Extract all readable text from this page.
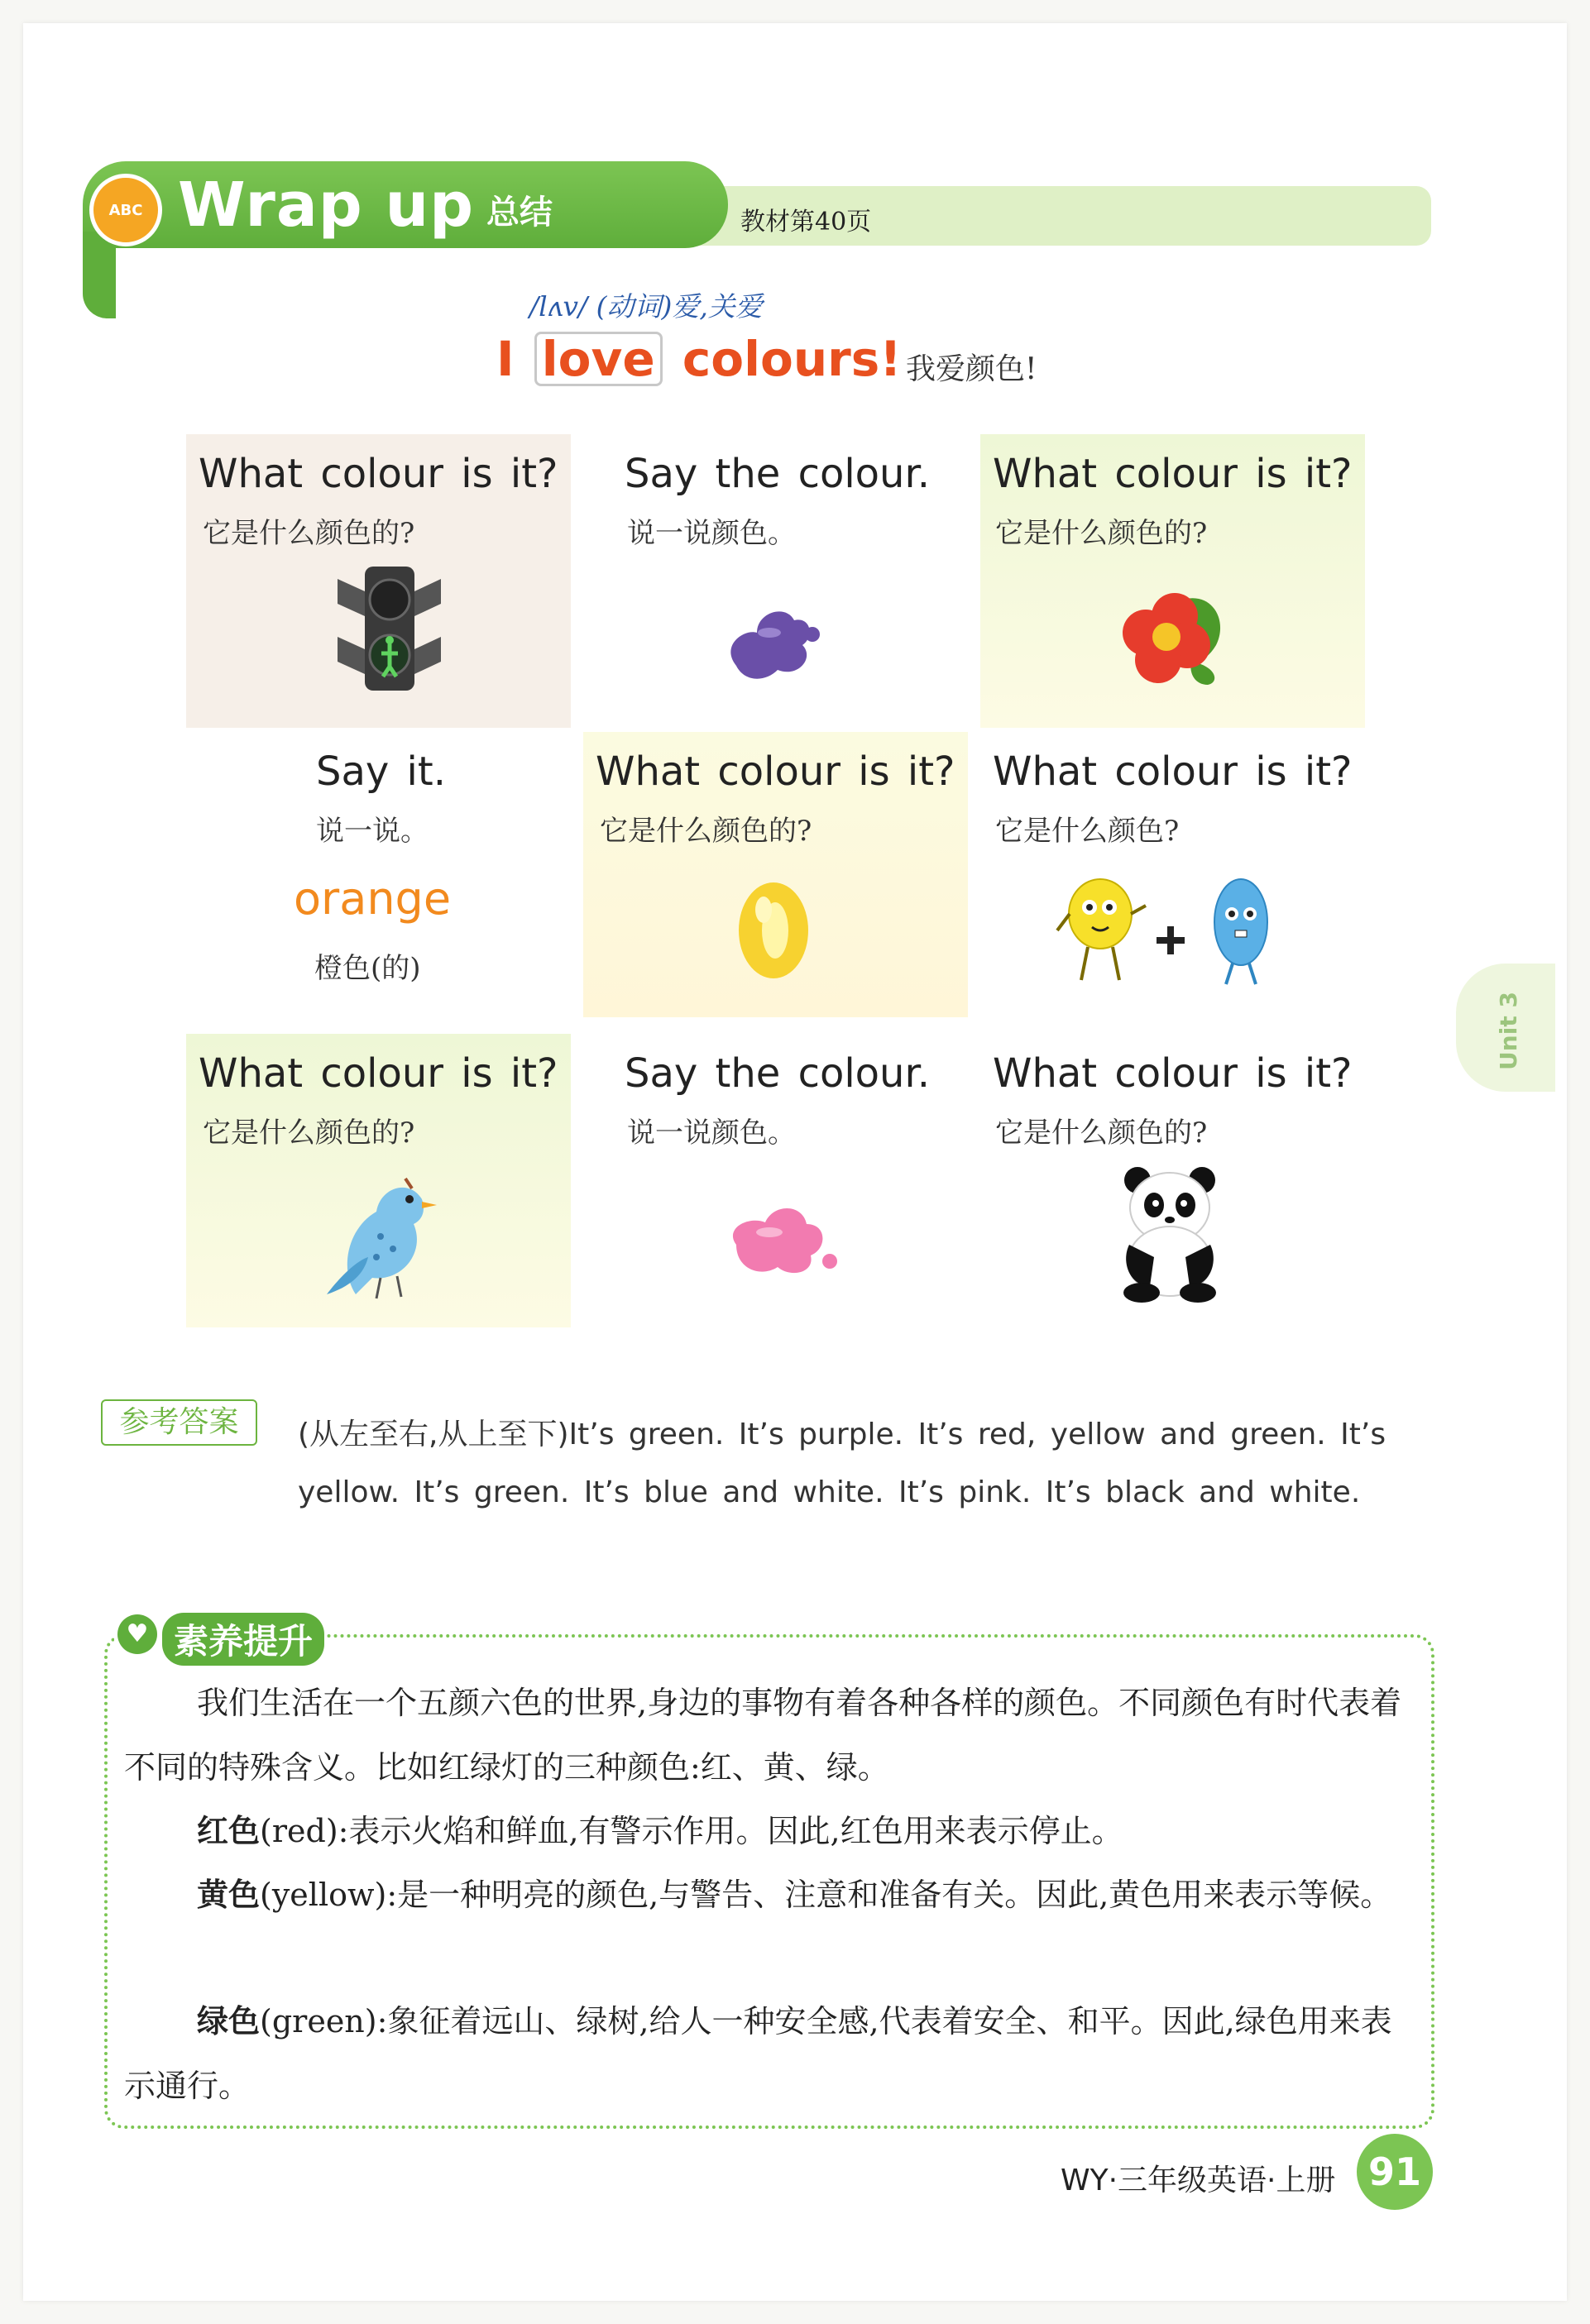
ABC Wrap up 总结	教材第40页
/lʌv/ (动词)爱,关爱
I love colours! 我爱颜色!
What colour is it?
它是什么颜色的?
Say the colour.
说一说颜色。
What colour is it?
它是什么颜色的?
Say it.
说一说。
orange
橙色(的)
What colour is it?
它是什么颜色的?
What colour is it?
它是什么颜色?
What colour is it?
它是什么颜色的?
Say the colour.
说一说颜色。
What colour is it?
它是什么颜色的?
参考答案	(从左至右,从上至下)It’s green. It’s purple. It’s red, yellow and green. It’s yellow. It’s green. It’s blue and white. It’s pink. It’s black and white.
♥ 素养提升
我们生活在一个五颜六色的世界,身边的事物有着各种各样的颜色。不同颜色有时代表着不同的特殊含义。比如红绿灯的三种颜色:红、黄、绿。
红色(red):表示火焰和鲜血,有警示作用。因此,红色用来表示停止。
黄色(yellow):是一种明亮的颜色,与警告、注意和准备有关。因此,黄色用来表示等候。
绿色(green):象征着远山、绿树,给人一种安全感,代表着安全、和平。因此,绿色用来表示通行。
Unit 3
WY·三年级英语·上册 91
